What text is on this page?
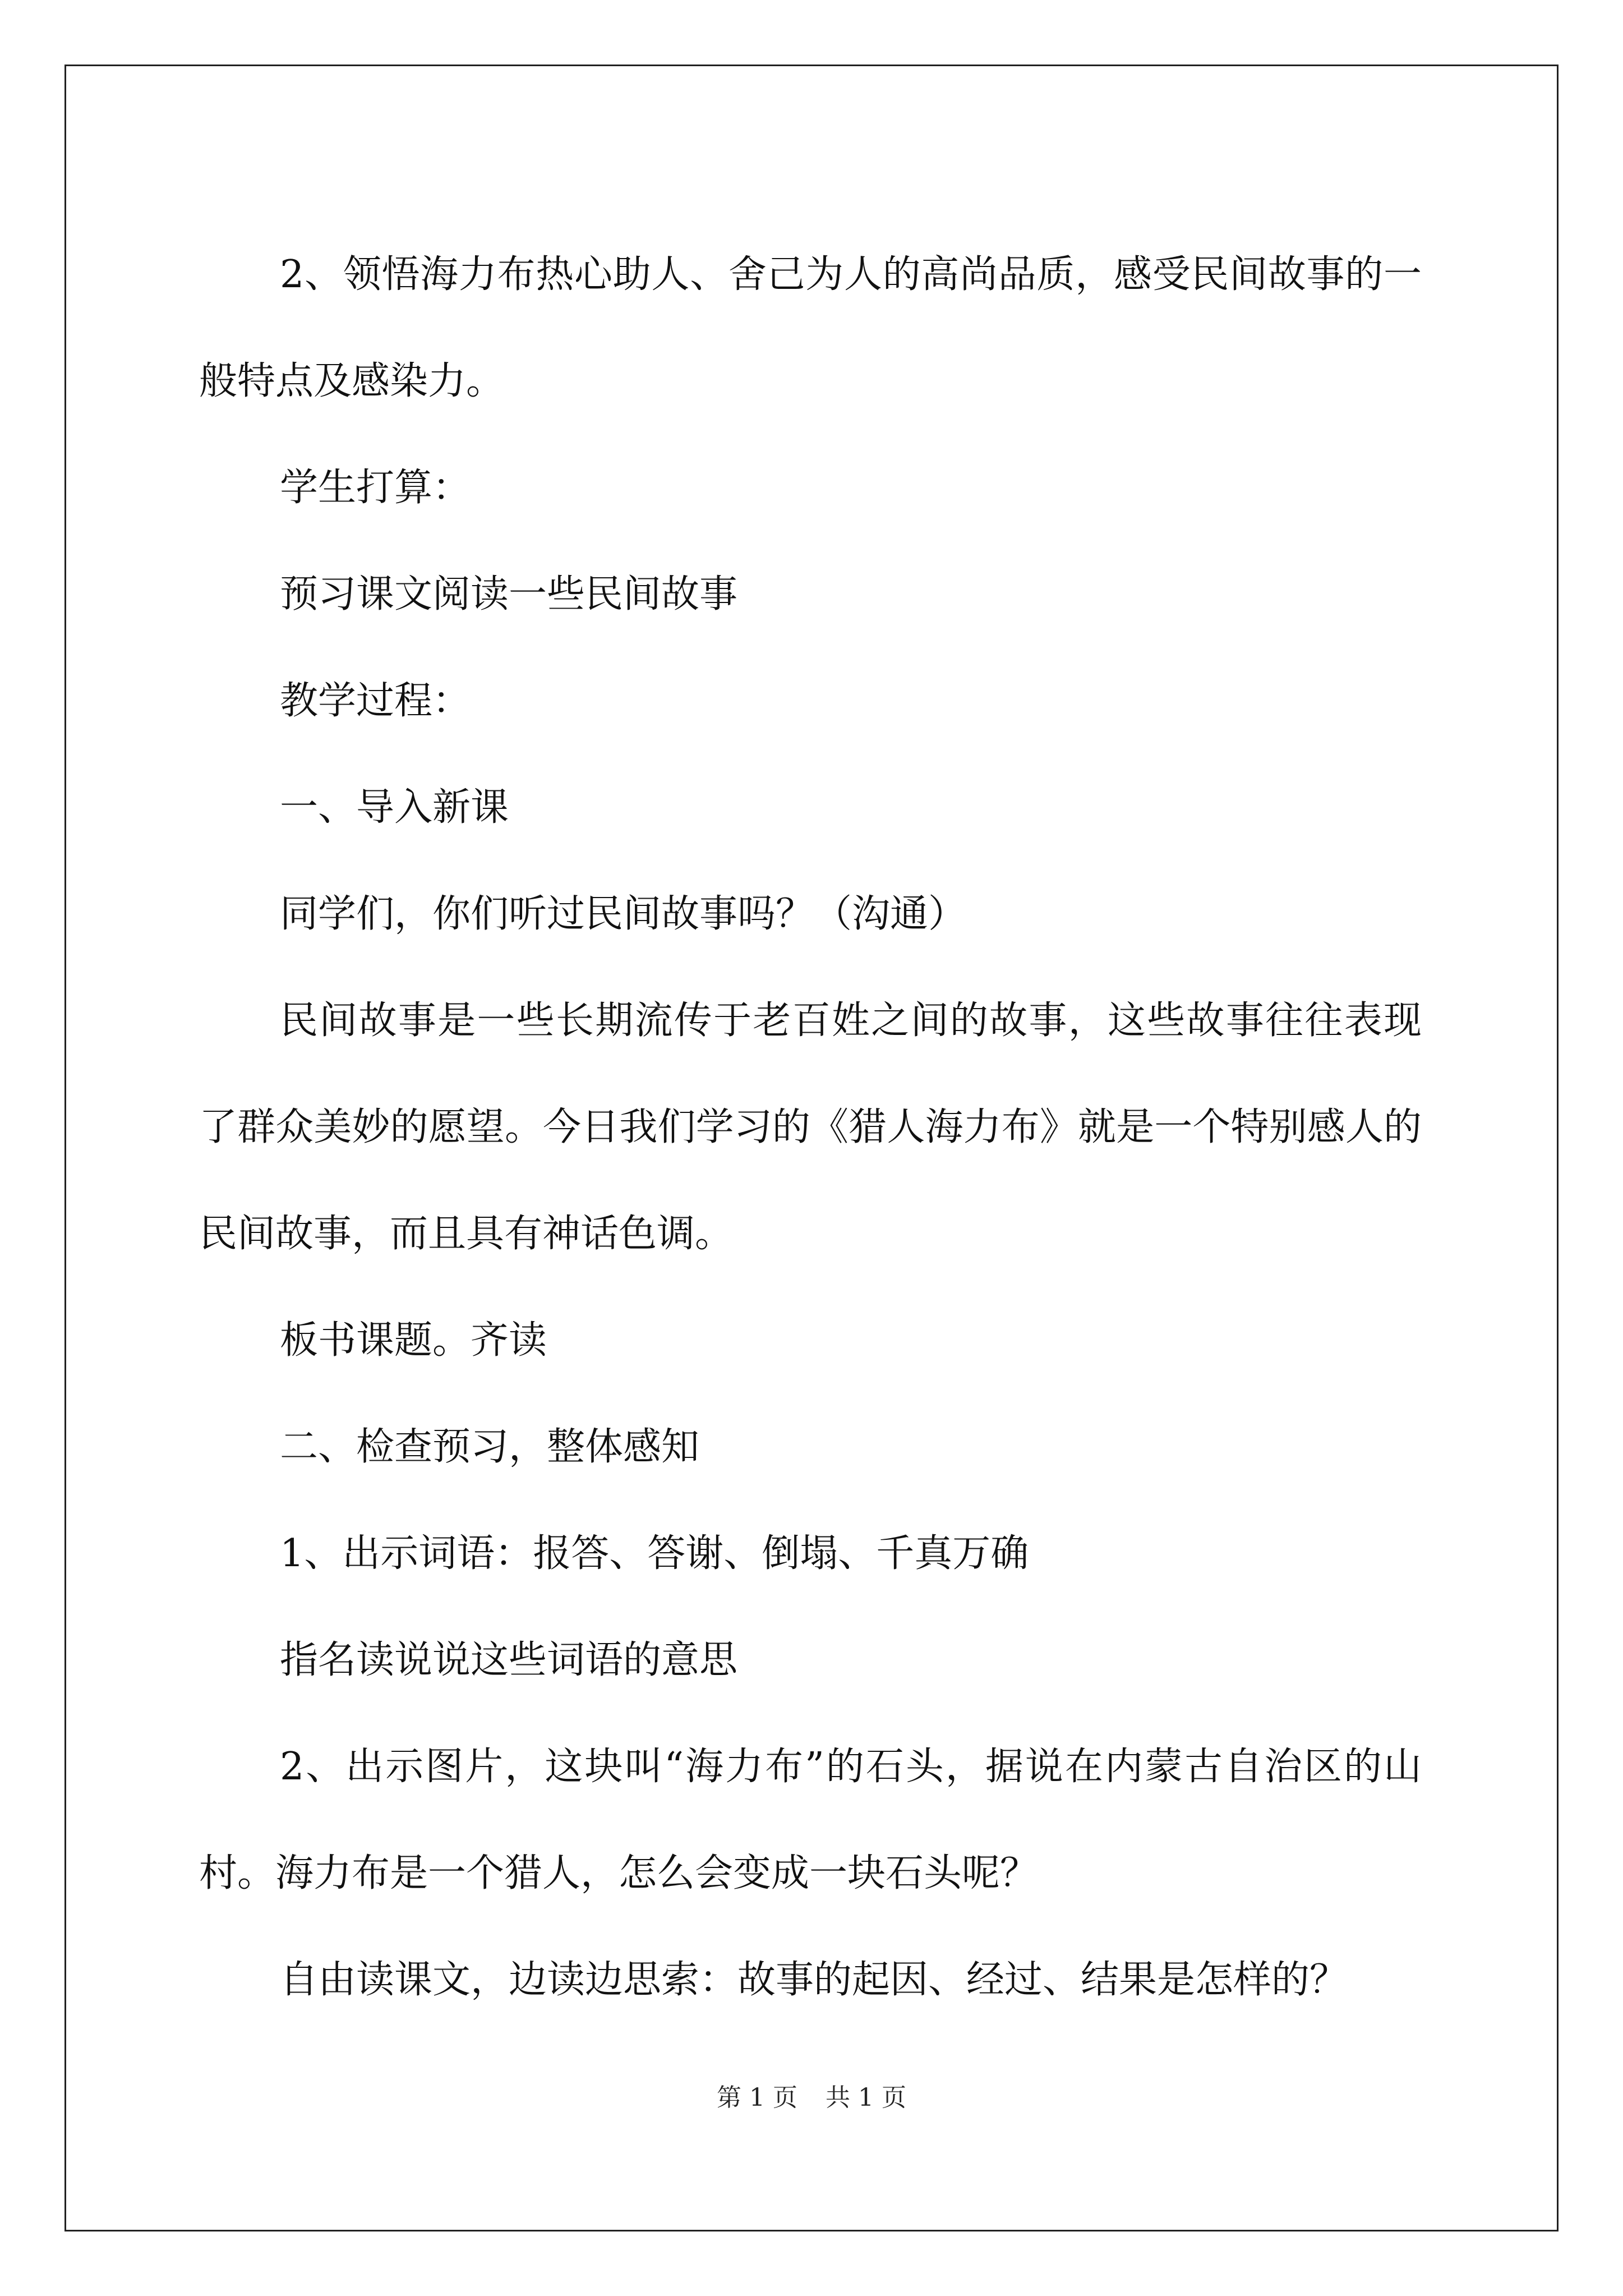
2、领悟海力布热心助人、舍己为人的高尚品质，感受民间故事的一般特点及感染力。

学生打算：

预习课文阅读一些民间故事

教学过程：

一、导入新课

同学们，你们听过民间故事吗？（沟通）

民间故事是一些长期流传于老百姓之间的故事，这些故事往往表现了群众美妙的愿望。今日我们学习的《猎人海力布》就是一个特别感人的民间故事，而且具有神话色调。

板书课题。齐读

二、检查预习，整体感知

1、出示词语：报答、答谢、倒塌、千真万确

指名读说说这些词语的意思

2、出示图片，这块叫“海力布”的石头，据说在内蒙古自治区的山村。海力布是一个猎人，怎么会变成一块石头呢？

自由读课文，边读边思索：故事的起因、经过、结果是怎样的？

第 1 页 共 1 页
